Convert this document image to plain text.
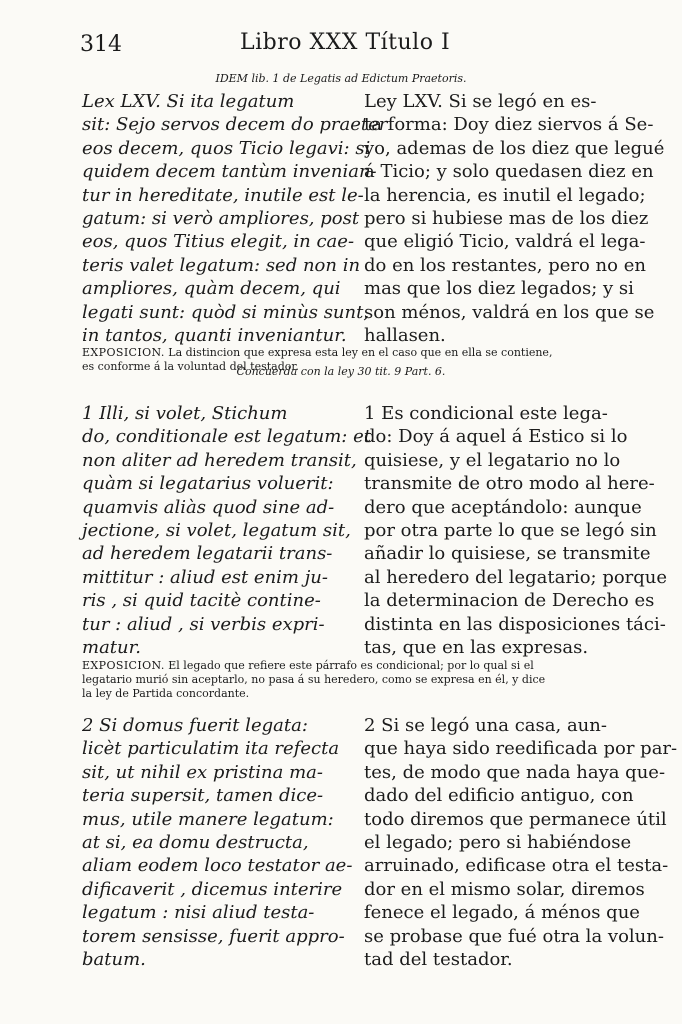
314	Libro XXX Título I
IDEM lib. 1 de Legatis ad Edictum Praetoris.
Lex LXV. Si ita legatum
sit: Sejo servos decem do praeter
eos decem, quos Ticio legavi: si
quidem decem tantùm invenian-
tur in hereditate, inutile est le-
gatum: si verò ampliores, post
eos, quos Titius elegit, in cae-
teris valet legatum: sed non in
ampliores, quàm decem, qui
legati sunt: quòd si minùs sunt,
in tantos, quanti inveniantur.
Ley LXV. Si se legó en es-
ta forma: Doy diez siervos á Se-
yo, ademas de los diez que legué
á Ticio; y solo quedasen diez en
la herencia, es inutil el legado;
pero si hubiese mas de los diez
que eligió Ticio, valdrá el lega-
do en los restantes, pero no en
mas que los diez legados; y si
son ménos, valdrá en los que se
hallasen.
EXPOSICION. La distincion que expresa esta ley en el caso que en ella se contiene,
es conforme á la voluntad del testador.
Concuerda con la ley 30 tit. 9 Part. 6.
1 Illi, si volet, Stichum
do, conditionale est legatum: et
non aliter ad heredem transit,
quàm si legatarius voluerit:
quamvis aliàs quod sine ad-
jectione, si volet, legatum sit,
ad heredem legatarii trans-
mittitur : aliud est enim ju-
ris , si quid tacitè contine-
tur : aliud , si verbis expri-
matur.
1 Es condicional este lega-
do: Doy á aquel á Estico si lo
quisiese, y el legatario no lo
transmite de otro modo al here-
dero que aceptándolo: aunque
por otra parte lo que se legó sin
añadir lo quisiese, se transmite
al heredero del legatario; porque
la determinacion de Derecho es
distinta en las disposiciones táci-
tas, que en las expresas.
EXPOSICION. El legado que refiere este párrafo es condicional; por lo qual si el
legatario murió sin aceptarlo, no pasa á su heredero, como se expresa en él, y dice
la ley de Partida concordante.
2 Si domus fuerit legata:
licèt particulatim ita refecta
sit, ut nihil ex pristina ma-
teria supersit, tamen dice-
mus, utile manere legatum:
at si, ea domu destructa,
aliam eodem loco testator ae-
dificaverit , dicemus interire
legatum : nisi aliud testa-
torem sensisse, fuerit appro-
batum.
2 Si se legó una casa, aun-
que haya sido reedificada por par-
tes, de modo que nada haya que-
dado del edificio antiguo, con
todo diremos que permanece útil
el legado; pero si habiéndose
arruinado, edificase otra el testa-
dor en el mismo solar, diremos
fenece el legado, á ménos que
se probase que fué otra la volun-
tad del testador.
